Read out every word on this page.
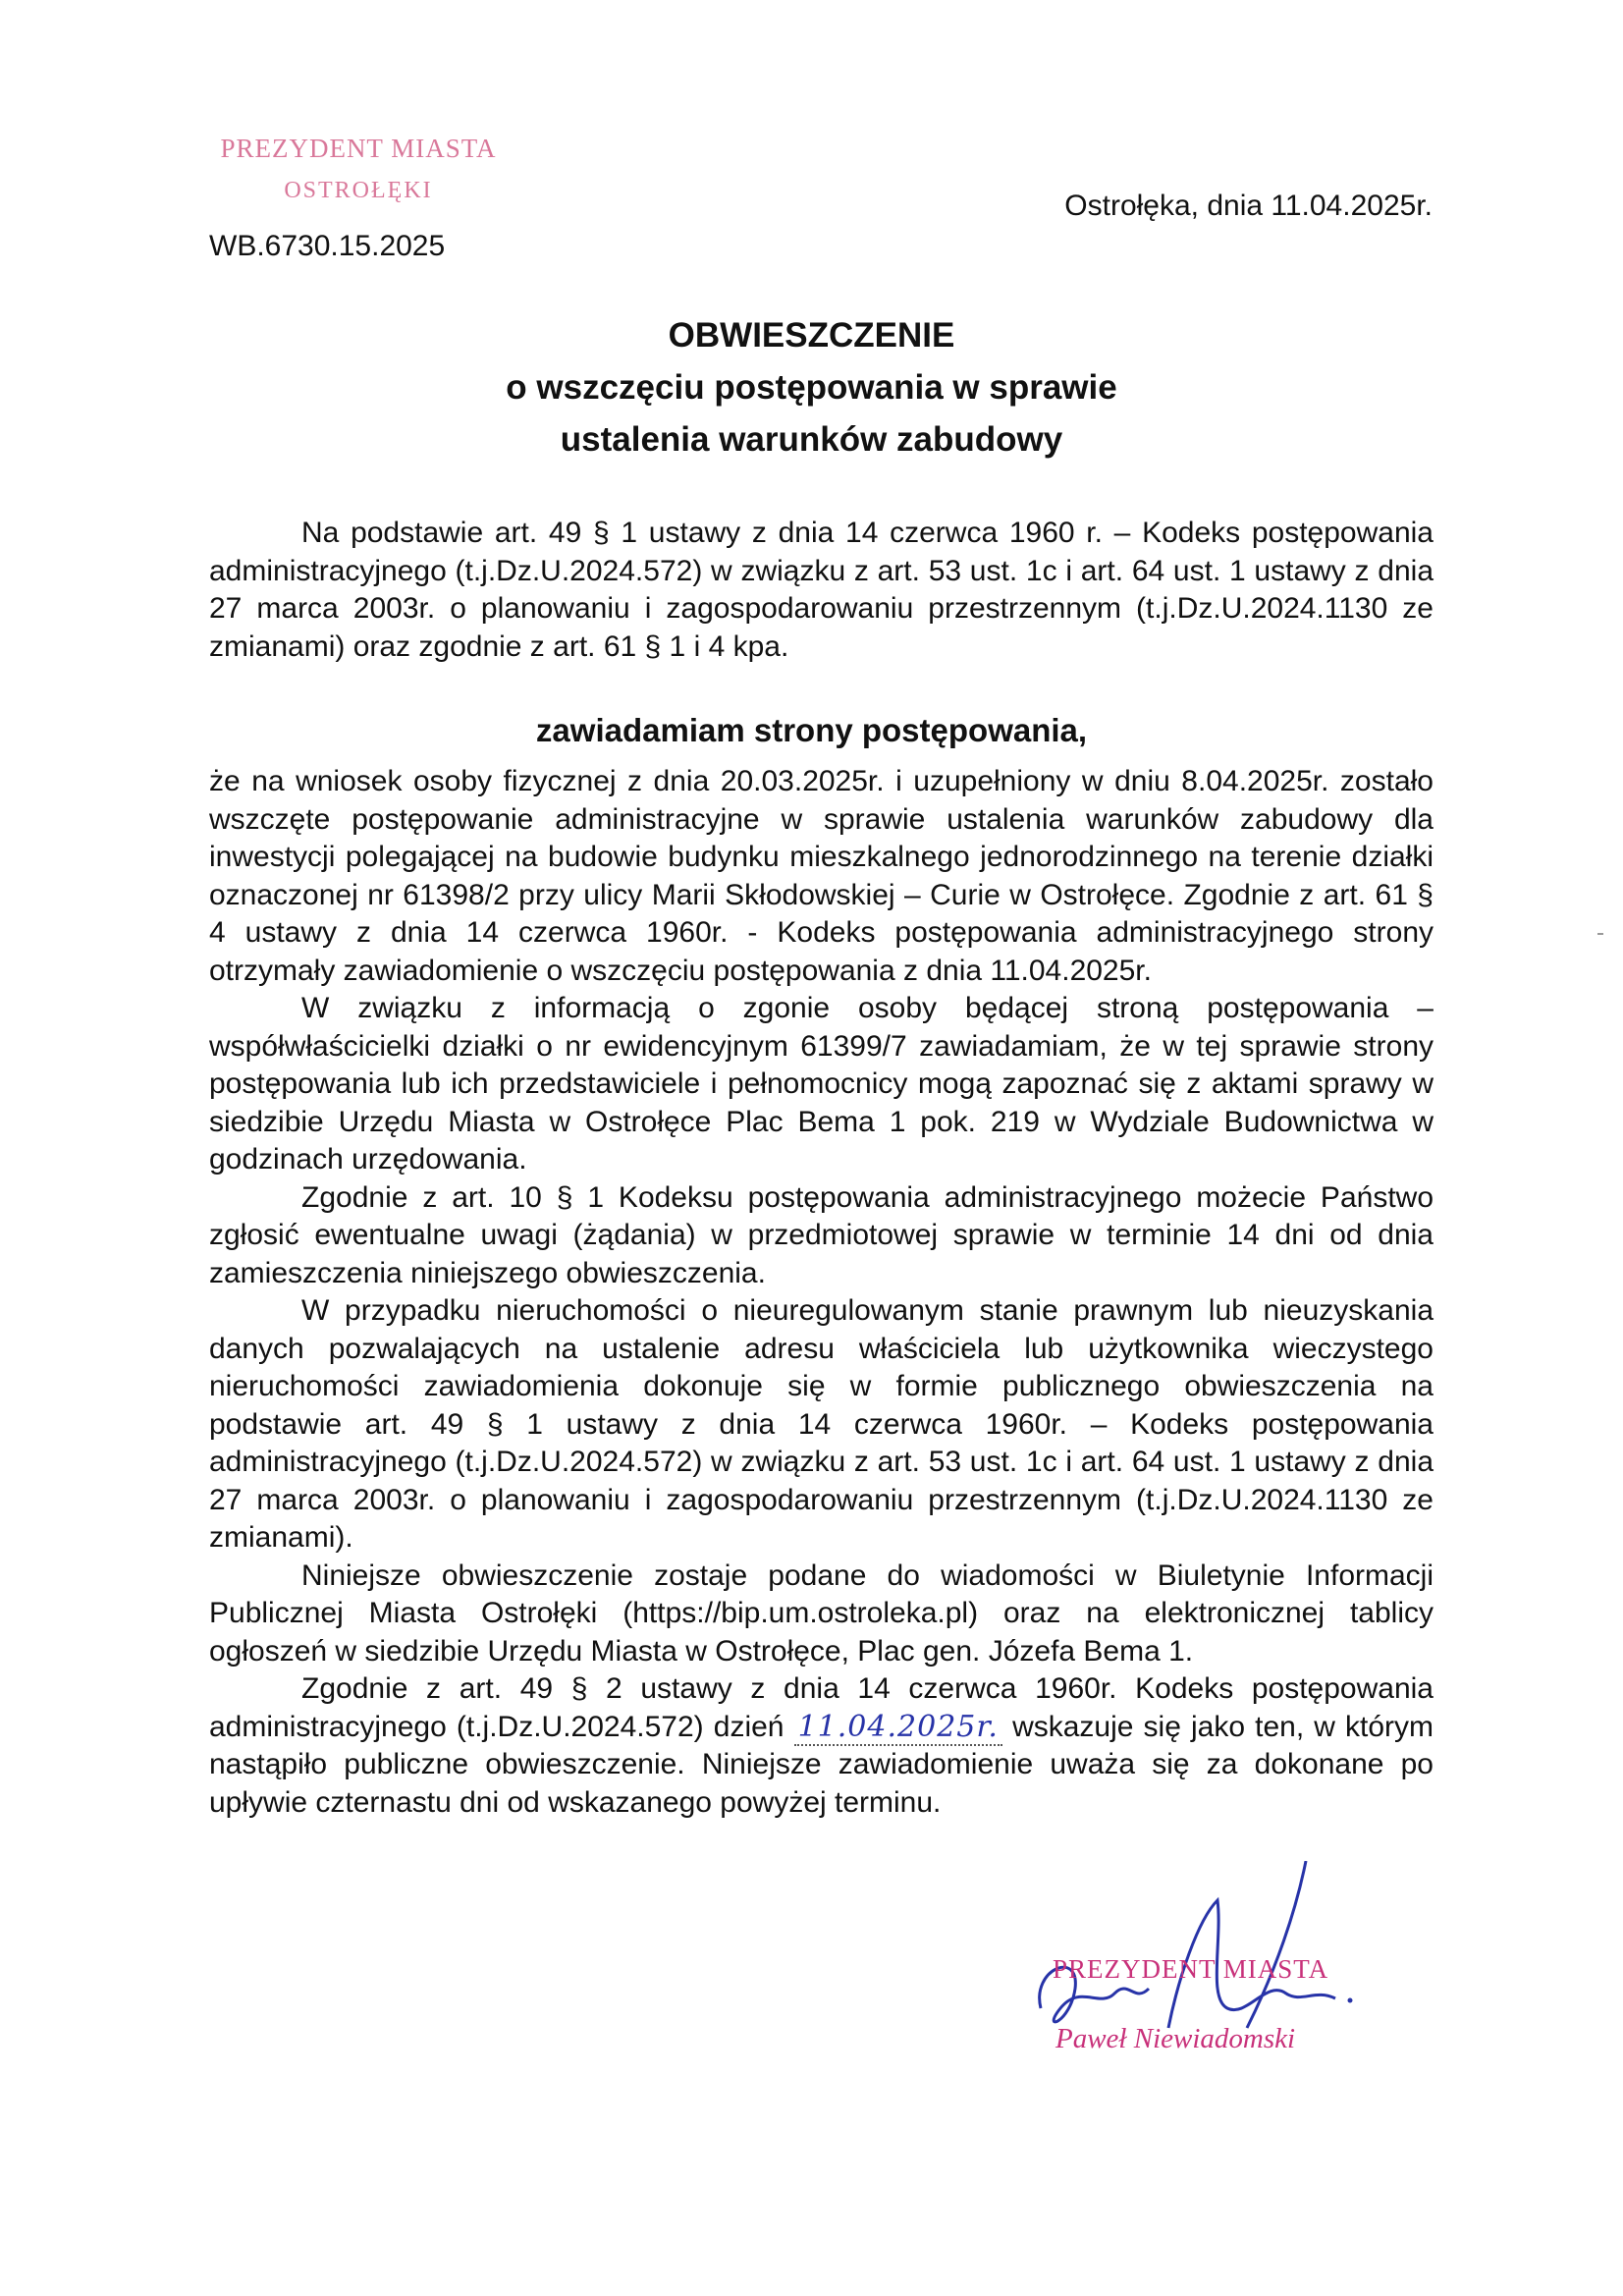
PREZYDENT MIASTA
OSTROŁĘKI
WB.6730.15.2025
Ostrołęka, dnia 11.04.2025r.
OBWIESZCZENIE
o wszczęciu postępowania w sprawie
ustalenia warunków zabudowy

Na podstawie art. 49 § 1 ustawy z dnia 14 czerwca 1960 r. – Kodeks postępowania administracyjnego (t.j.Dz.U.2024.572) w związku z art. 53 ust. 1c i art. 64 ust. 1 ustawy z dnia 27 marca 2003r. o planowaniu i zagospodarowaniu przestrzennym (t.j.Dz.U.2024.1130 ze zmianami) oraz zgodnie z art. 61 § 1 i 4 kpa.

zawiadamiam strony postępowania,

że na wniosek osoby fizycznej z dnia 20.03.2025r. i uzupełniony w dniu 8.04.2025r. zostało wszczęte postępowanie administracyjne w sprawie ustalenia warunków zabudowy dla inwestycji polegającej na budowie budynku mieszkalnego jednorodzinnego na terenie działki oznaczonej nr 61398/2 przy ulicy Marii Skłodowskiej – Curie w Ostrołęce. Zgodnie z art. 61 § 4 ustawy z dnia 14 czerwca 1960r. - Kodeks postępowania administracyjnego strony otrzymały zawiadomienie o wszczęciu postępowania z dnia 11.04.2025r.

W związku z informacją o zgonie osoby będącej stroną postępowania – współwłaścicielki działki o nr ewidencyjnym 61399/7 zawiadamiam, że w tej sprawie strony postępowania lub ich przedstawiciele i pełnomocnicy mogą zapoznać się z aktami sprawy w siedzibie Urzędu Miasta w Ostrołęce Plac Bema 1 pok. 219 w Wydziale Budownictwa w godzinach urzędowania.

Zgodnie z art. 10 § 1 Kodeksu postępowania administracyjnego możecie Państwo zgłosić ewentualne uwagi (żądania) w przedmiotowej sprawie w terminie 14 dni od dnia zamieszczenia niniejszego obwieszczenia.

W przypadku nieruchomości o nieuregulowanym stanie prawnym lub nieuzyskania danych pozwalających na ustalenie adresu właściciela lub użytkownika wieczystego nieruchomości zawiadomienia dokonuje się w formie publicznego obwieszczenia na podstawie art. 49 § 1 ustawy z dnia 14 czerwca 1960r. – Kodeks postępowania administracyjnego (t.j.Dz.U.2024.572) w związku z art. 53 ust. 1c i art. 64 ust. 1 ustawy z dnia 27 marca 2003r. o planowaniu i zagospodarowaniu przestrzennym (t.j.Dz.U.2024.1130 ze zmianami).

Niniejsze obwieszczenie zostaje podane do wiadomości w Biuletynie Informacji Publicznej Miasta Ostrołęki (https://bip.um.ostroleka.pl) oraz na elektronicznej tablicy ogłoszeń w siedzibie Urzędu Miasta w Ostrołęce, Plac gen. Józefa Bema 1.

Zgodnie z art. 49 § 2 ustawy z dnia 14 czerwca 1960r. Kodeks postępowania administracyjnego (t.j.Dz.U.2024.572) dzień 11.04.2025r. wskazuje się jako ten, w którym nastąpiło publiczne obwieszczenie. Niniejsze zawiadomienie uważa się za dokonane po upływie czternastu dni od wskazanego powyżej terminu.

PREZYDENT MIASTA
Paweł Niewiadomski
